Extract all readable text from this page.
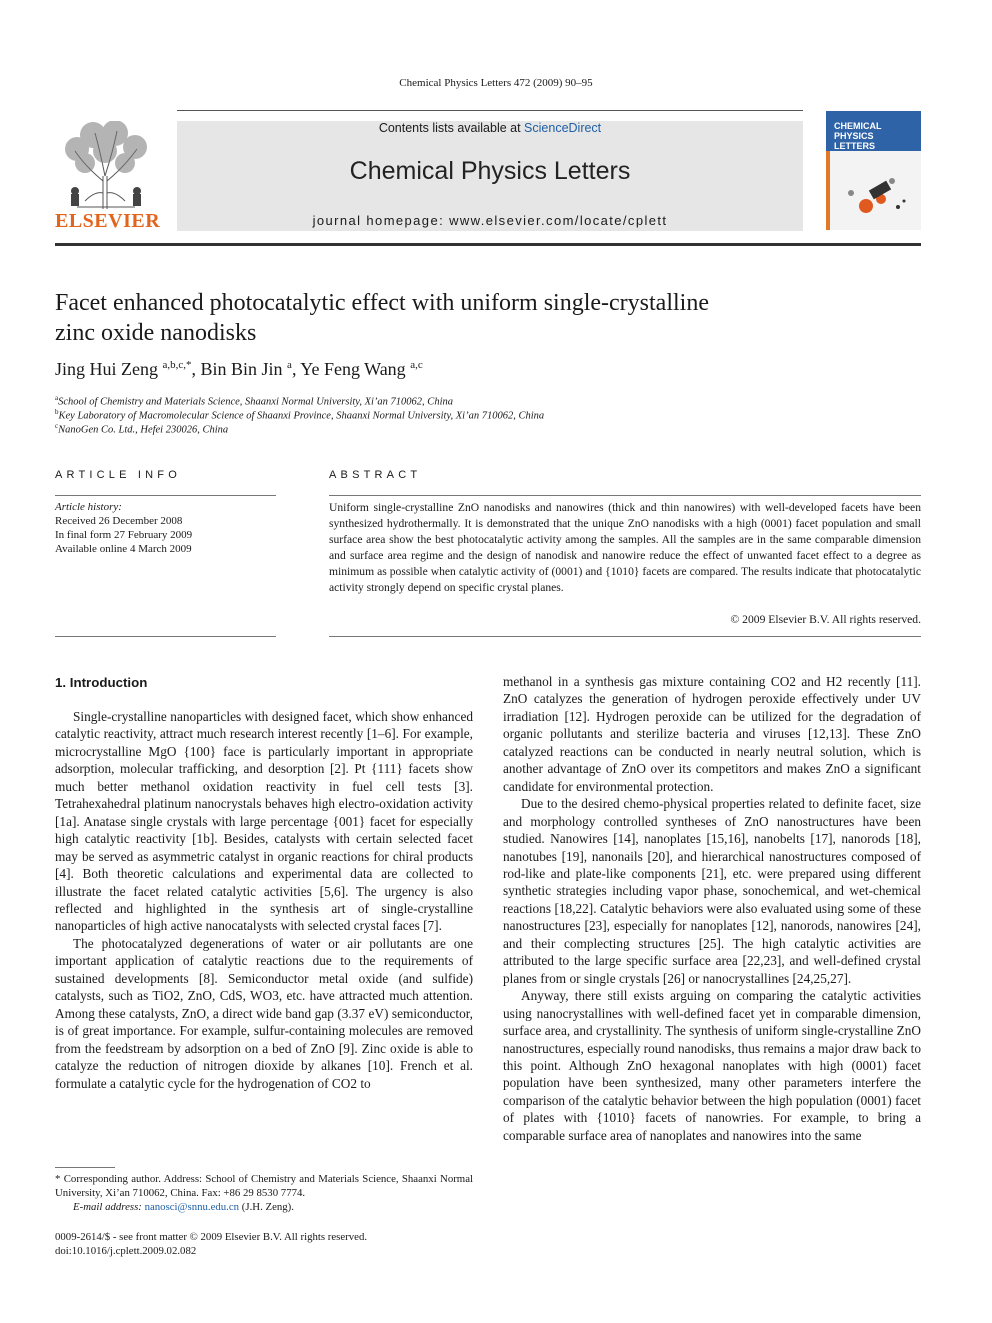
Chemical Physics Letters 472 (2009) 90–95
ELSEVIER
Contents lists available at ScienceDirect
Chemical Physics Letters
journal homepage: www.elsevier.com/locate/cplett
CHEMICAL PHYSICS LETTERS
Facet enhanced photocatalytic effect with uniform single-crystalline
zinc oxide nanodisks
Jing Hui Zeng $^{a,b,c,*}$, Bin Bin Jin $^a$, Ye Feng Wang $^{a,c}$
$^a$School of Chemistry and Materials Science, Shaanxi Normal University, Xi’an 710062, China
$^b$Key Laboratory of Macromolecular Science of Shaanxi Province, Shaanxi Normal University, Xi’an 710062, China
$^c$NanoGen Co. Ltd., Hefei 230026, China
ARTICLE INFO
Article history:
Received 26 December 2008
In final form 27 February 2009
Available online 4 March 2009
ABSTRACT
Uniform single-crystalline ZnO nanodisks and nanowires (thick and thin nanowires) with well-developed facets have been synthesized hydrothermally. It is demonstrated that the unique ZnO nanodisks with a high (0001) facet population and small surface area show the best photocatalytic activity among the samples. All the samples are in the same comparable dimension and surface area regime and the design of nanodisk and nanowire reduce the effect of unwanted facet effect to a degree as minimum as possible when catalytic activity of (0001) and {1010} facets are compared. The results indicate that photocatalytic activity strongly depend on specific crystal planes.
© 2009 Elsevier B.V. All rights reserved.
1. Introduction

Single-crystalline nanoparticles with designed facet, which show enhanced catalytic reactivity, attract much research interest recently [1–6]. For example, microcrystalline MgO {100} face is particularly important in appropriate adsorption, molecular trafficking, and desorption [2]. Pt {111} facets show much better methanol oxidation reactivity in fuel cell tests [3]. Tetrahexahedral platinum nanocrystals behaves high electro-oxidation activity [1a]. Anatase single crystals with large percentage {001} facet for especially high catalytic reactivity [1b]. Besides, catalysts with certain selected facet may be served as asymmetric catalyst in organic reactions for chiral products [4]. Both theoretic calculations and experimental data are collected to illustrate the facet related catalytic activities [5,6]. The urgency is also reflected and highlighted in the synthesis art of single-crystalline nanoparticles of high active nanocatalysts with selected crystal faces [7].

The photocatalyzed degenerations of water or air pollutants are one important application of catalytic reactions due to the requirements of sustained developments [8]. Semiconductor metal oxide (and sulfide) catalysts, such as TiO2, ZnO, CdS, WO3, etc. have attracted much attention. Among these catalysts, ZnO, a direct wide band gap (3.37 eV) semiconductor, is of great importance. For example, sulfur-containing molecules are removed from the feedstream by adsorption on a bed of ZnO [9]. Zinc oxide is able to catalyze the reduction of nitrogen dioxide by alkanes [10]. French et al. formulate a catalytic cycle for the hydrogenation of CO2 to

methanol in a synthesis gas mixture containing CO2 and H2 recently [11]. ZnO catalyzes the generation of hydrogen peroxide effectively under UV irradiation [12]. Hydrogen peroxide can be utilized for the degradation of organic pollutants and sterilize bacteria and viruses [12,13]. These ZnO catalyzed reactions can be conducted in nearly neutral solution, which is another advantage of ZnO over its competitors and makes ZnO a significant candidate for environmental protection.

Due to the desired chemo-physical properties related to definite facet, size and morphology controlled syntheses of ZnO nanostructures have been studied. Nanowires [14], nanoplates [15,16], nanobelts [17], nanorods [18], nanotubes [19], nanonails [20], and hierarchical nanostructures composed of rod-like and plate-like components [21], etc. were prepared using different synthetic strategies including vapor phase, sonochemical, and wet-chemical reactions [18,22]. Catalytic behaviors were also evaluated using some of these nanostructures [23], especially for nanoplates [12], nanorods, nanowires [24], and their complecting structures [25]. The high catalytic activities are attributed to the large specific surface area [22,23], and well-defined crystal planes from or single crystals [26] or nanocrystallines [24,25,27].

Anyway, there still exists arguing on comparing the catalytic activities using nanocrystallines with well-defined facet yet in comparable dimension, surface area, and crystallinity. The synthesis of uniform single-crystalline ZnO nanostructures, especially round nanodisks, thus remains a major draw back to this point. Although ZnO hexagonal nanoplates with high (0001) facet population have been synthesized, many other parameters interfere the comparison of the catalytic behavior between the high population (0001) facet of plates with {1010} facets of nanowries. For example, to bring a comparable surface area of nanoplates and nanowires into the same

* Corresponding author. Address: School of Chemistry and Materials Science, Shaanxi Normal University, Xi’an 710062, China. Fax: +86 29 8530 7774.
E-mail address: nanosci@snnu.edu.cn (J.H. Zeng).
0009-2614/$ - see front matter © 2009 Elsevier B.V. All rights reserved.
doi:10.1016/j.cplett.2009.02.082
